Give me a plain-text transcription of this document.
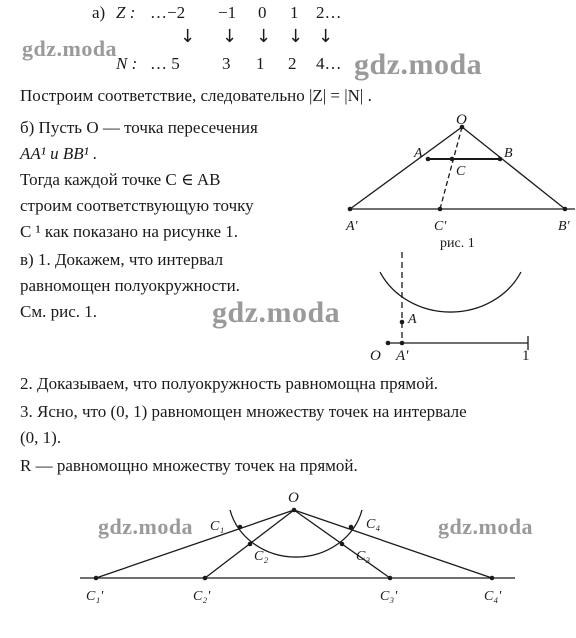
а) Z : …−2 −1 0 1 2…
↓ ↓ ↓ ↓ ↓
N : … 5 3 1 2 4…
gdz.moda	gdz.moda
Построим соответствие, следовательно |Z| = |N| .
б) Пусть O — точка пересечения
AA¹ и BB¹ .
Тогда каждой точке C ∈ AB
строим соответствующую точку
C ¹ как показано на рисунке 1.
в) 1. Докажем, что интервал
равномощен полуокружности.
См. рис. 1.	gdz.moda
2. Доказываем, что полуокружность равномощна прямой.
3. Ясно, что (0, 1) равномощен множеству точек на интервале
(0, 1).
R — равномощно множеству точек на прямой.
O
A	B
C
A'	C'	B'
рис. 1
A
O A'	1
O
C₁
C₂	C₃
C₄
C₁'	C₂'	C₃'	C₄'
gdz.moda	gdz.moda
